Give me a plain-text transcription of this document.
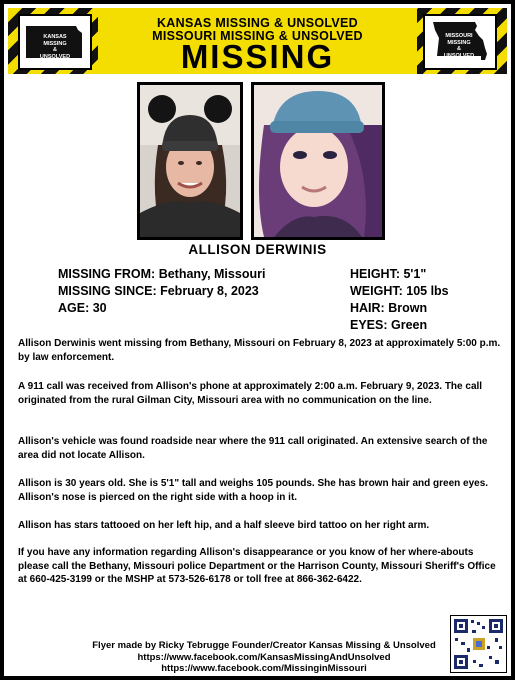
KANSAS
MISSING
&
UNSOLVED
KANSAS MISSING & UNSOLVED
MISSOURI MISSING & UNSOLVED
MISSING
MISSOURI
MISSING
&
UNSOLVED
ALLISON DERWINIS
MISSING FROM: Bethany, Missouri
MISSING SINCE: February 8, 2023
AGE: 30
HEIGHT: 5'1"
WEIGHT: 105 lbs
HAIR: Brown
EYES: Green
Allison Derwinis went missing from Bethany, Missouri on February 8, 2023 at approximately 5:00 p.m. by law enforcement.
A 911 call was received from Allison's phone at approximately 2:00 a.m. February 9, 2023. The call originated from the rural Gilman City, Missouri area with no communication on the line.
Allison's vehicle was found roadside near where the 911 call originated. An extensive search of the area did not locate Allison.
Allison is 30 years old. She is 5'1" tall and weighs 105 pounds. She has brown hair and green eyes. Allison's nose is pierced on the right side with a hoop in it.
Allison has stars tattooed on her left hip, and a half sleeve bird tattoo on her right arm.
If you have any information regarding Allison's disappearance or you know of her where-abouts please call the Bethany, Missouri police Department or the Harrison County, Missouri Sheriff's Office at 660-425-3199 or the MSHP at 573-526-6178 or toll free at 866-362-6422.
Flyer made by Ricky Tebrugge Founder/Creator Kansas Missing & Unsolved
https://www.facebook.com/KansasMissingAndUnsolved
https://www.facebook.com/MissinginMissouri
